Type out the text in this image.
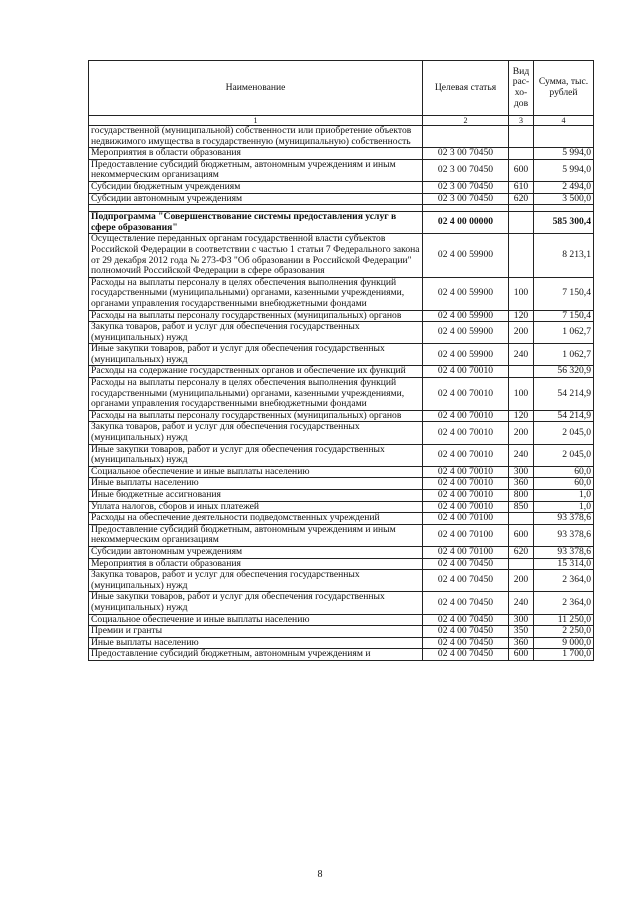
Наименование	Целевая статья	Вид рас-хо-дов	Сумма, тыс. рублей
1	2	3	4
государственной (муниципальной) собственности или приобретение объектов недвижимого имущества в государственную (муниципальную) собственность			
Мероприятия в области образования	02 3 00 70450		5 994,0
Предоставление субсидий бюджетным, автономным учреждениям и иным некоммерческим организациям	02 3 00 70450	600	5 994,0
Субсидии бюджетным учреждениям	02 3 00 70450	610	2 494,0
Субсидии автономным учреждениям	02 3 00 70450	620	3 500,0

Подпрограмма "Совершенствование системы предоставления услуг в сфере образования"	02 4 00 00000		585 300,4
Осуществление переданных органам государственной власти субъектов Российской Федерации в соответствии с частью 1 статьи 7 Федерального закона от 29 декабря 2012 года № 273-ФЗ "Об образовании в Российской Федерации" полномочий Российской Федерации в сфере образования	02 4 00 59900		8 213,1
Расходы на выплаты персоналу в целях обеспечения выполнения функций государственными (муниципальными) органами, казенными учреждениями, органами управления государственными внебюджетными фондами	02 4 00 59900	100	7 150,4
Расходы на выплаты персоналу государственных (муниципальных) органов	02 4 00 59900	120	7 150,4
Закупка товаров, работ и услуг для обеспечения государственных (муниципальных) нужд	02 4 00 59900	200	1 062,7
Иные закупки товаров, работ и услуг для обеспечения государственных (муниципальных) нужд	02 4 00 59900	240	1 062,7
Расходы на содержание государственных органов и обеспечение их функций	02 4 00 70010		56 320,9
Расходы на выплаты персоналу в целях обеспечения выполнения функций государственными (муниципальными) органами, казенными учреждениями, органами управления государственными внебюджетными фондами	02 4 00 70010	100	54 214,9
Расходы на выплаты персоналу государственных (муниципальных) органов	02 4 00 70010	120	54 214,9
Закупка товаров, работ и услуг для обеспечения государственных (муниципальных) нужд	02 4 00 70010	200	2 045,0
Иные закупки товаров, работ и услуг для обеспечения государственных (муниципальных) нужд	02 4 00 70010	240	2 045,0
Социальное обеспечение и иные выплаты населению	02 4 00 70010	300	60,0
Иные выплаты населению	02 4 00 70010	360	60,0
Иные бюджетные ассигнования	02 4 00 70010	800	1,0
Уплата налогов, сборов и иных платежей	02 4 00 70010	850	1,0
Расходы на обеспечение деятельности подведомственных учреждений	02 4 00 70100		93 378,6
Предоставление субсидий бюджетным, автономным учреждениям и иным некоммерческим организациям	02 4 00 70100	600	93 378,6
Субсидии автономным учреждениям	02 4 00 70100	620	93 378,6
Мероприятия в области образования	02 4 00 70450		15 314,0
Закупка товаров, работ и услуг для обеспечения государственных (муниципальных) нужд	02 4 00 70450	200	2 364,0
Иные закупки товаров, работ и услуг для обеспечения государственных (муниципальных) нужд	02 4 00 70450	240	2 364,0
Социальное обеспечение и иные выплаты населению	02 4 00 70450	300	11 250,0
Премии и гранты	02 4 00 70450	350	2 250,0
Иные выплаты населению	02 4 00 70450	360	9 000,0
Предоставление субсидий бюджетным, автономным учреждениям и	02 4 00 70450	600	1 700,0
8
